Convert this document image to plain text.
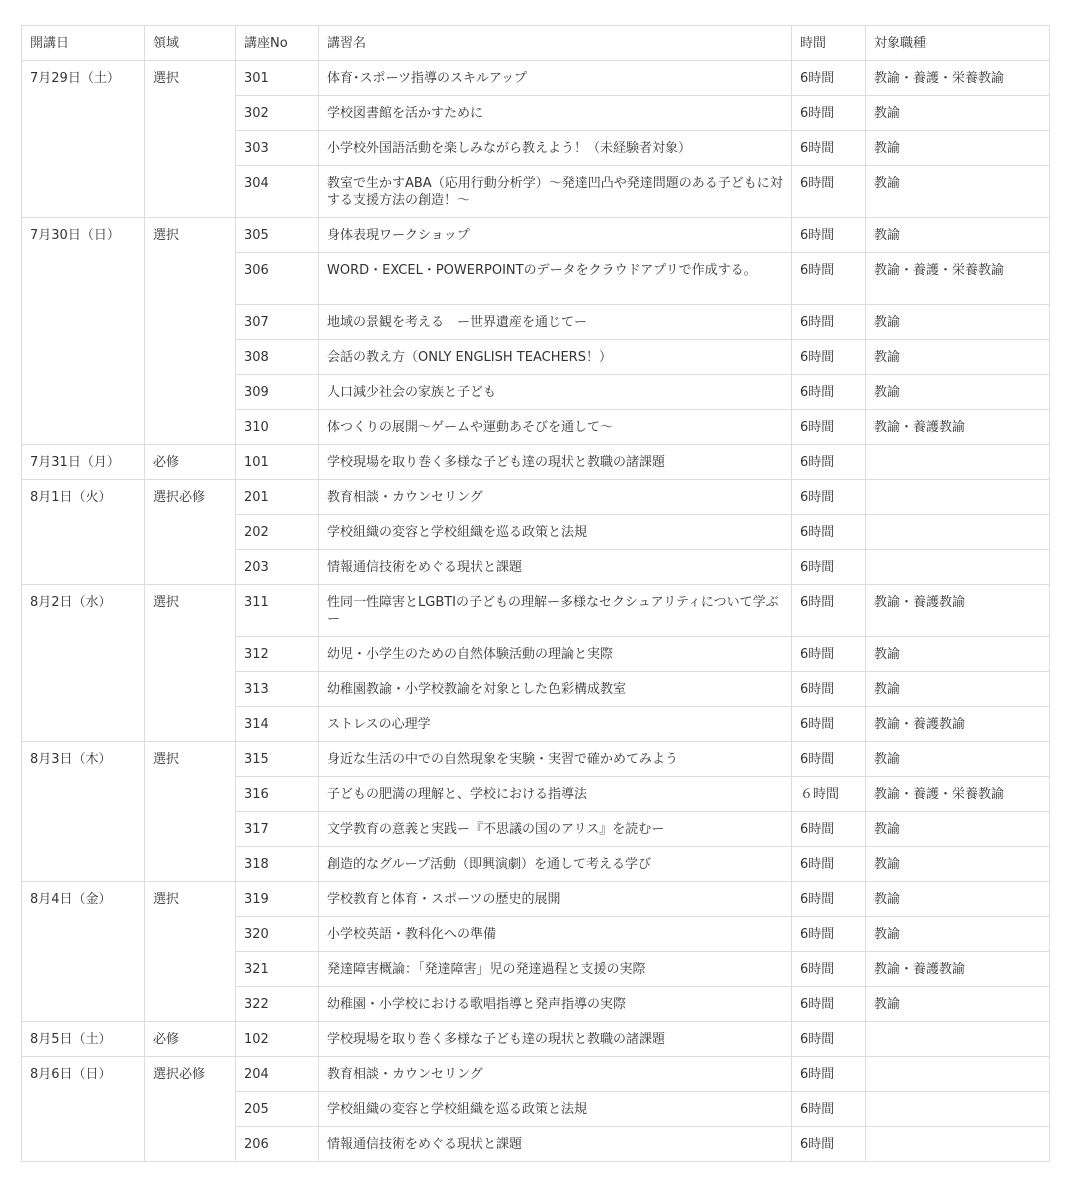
開講日	領域	講座No	講習名	時間	対象職種
7月29日（土）	選択	301	体育･スポーツ指導のスキルアップ	6時間	教諭・養護・栄養教諭
		302	学校図書館を活かすために	6時間	教諭
		303	小学校外国語活動を楽しみながら教えよう！（未経験者対象）	6時間	教諭
		304	教室で生かすABA（応用行動分析学）～発達凹凸や発達問題のある子どもに対する支援方法の創造！～	6時間	教諭
7月30日（日）	選択	305	身体表現ワークショップ	6時間	教諭
		306	WORD・EXCEL・POWERPOINTのデータをクラウドアプリで作成する。	6時間	教諭・養護・栄養教諭
		307	地域の景観を考える　ー世界遺産を通じてー	6時間	教諭
		308	会話の教え方（ONLY ENGLISH TEACHERS！）	6時間	教諭
		309	人口減少社会の家族と子ども	6時間	教諭
		310	体つくりの展開～ゲームや運動あそびを通して～	6時間	教諭・養護教諭
7月31日（月）	必修	101	学校現場を取り巻く多様な子ども達の現状と教職の諸課題	6時間	
8月1日（火）	選択必修	201	教育相談・カウンセリング	6時間	
		202	学校組織の変容と学校組織を巡る政策と法規	6時間	
		203	情報通信技術をめぐる現状と課題	6時間	
8月2日（水）	選択	311	性同一性障害とLGBTIの子どもの理解ー多様なセクシュアリティについて学ぶー	6時間	教諭・養護教諭
		312	幼児・小学生のための自然体験活動の理論と実際	6時間	教諭
		313	幼稚園教諭・小学校教諭を対象とした色彩構成教室	6時間	教諭
		314	ストレスの心理学	6時間	教諭・養護教諭
8月3日（木）	選択	315	身近な生活の中での自然現象を実験・実習で確かめてみよう	6時間	教諭
		316	子どもの肥満の理解と、学校における指導法	６時間	教諭・養護・栄養教諭
		317	文学教育の意義と実践ー『不思議の国のアリス』を読むー	6時間	教諭
		318	創造的なグループ活動（即興演劇）を通して考える学び	6時間	教諭
8月4日（金）	選択	319	学校教育と体育・スポーツの歴史的展開	6時間	教諭
		320	小学校英語・教科化への準備	6時間	教諭
		321	発達障害概論：「発達障害」児の発達過程と支援の実際	6時間	教諭・養護教諭
		322	幼稚園・小学校における歌唱指導と発声指導の実際	6時間	教諭
8月5日（土）	必修	102	学校現場を取り巻く多様な子ども達の現状と教職の諸課題	6時間	
8月6日（日）	選択必修	204	教育相談・カウンセリング	6時間	
		205	学校組織の変容と学校組織を巡る政策と法規	6時間	
		206	情報通信技術をめぐる現状と課題	6時間	
